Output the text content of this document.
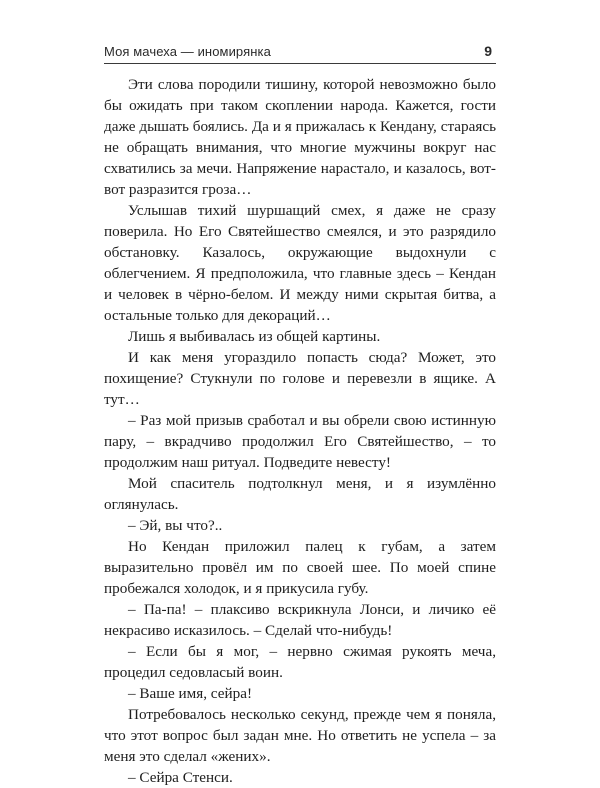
Моя мачеха — иномирянка	9

Эти слова породили тишину, которой невозможно было бы ожидать при таком скоплении народа. Кажется, гости даже дышать боялись. Да и я прижалась к Кендану, стараясь не обращать внимания, что многие мужчины вокруг нас схватились за мечи. Напряжение нарастало, и казалось, вот-вот разразится гроза…

Услышав тихий шуршащий смех, я даже не сразу поверила. Но Его Святейшество смеялся, и это разрядило обстановку. Казалось, окружающие выдохнули с облегчением. Я предположила, что главные здесь – Кендан и человек в чёрно-белом. И между ними скрытая битва, а остальные только для декораций…

Лишь я выбивалась из общей картины.

И как меня угораздило попасть сюда? Может, это похищение? Стукнули по голове и перевезли в ящике. А тут…

– Раз мой призыв сработал и вы обрели свою истинную пару, – вкрадчиво продолжил Его Святейшество, – то продолжим наш ритуал. Подведите невесту!

Мой спаситель подтолкнул меня, и я изумлённо оглянулась.

– Эй, вы что?..

Но Кендан приложил палец к губам, а затем выразительно провёл им по своей шее. По моей спине пробежался холодок, и я прикусила губу.

– Па-па! – плаксиво вскрикнула Лонси, и личико её некрасиво исказилось. – Сделай что-нибудь!

– Если бы я мог, – нервно сжимая рукоять меча, процедил седовласый воин.

– Ваше имя, сейра!

Потребовалось несколько секунд, прежде чем я поняла, что этот вопрос был задан мне. Но ответить не успела – за меня это сделал «жених».

– Сейра Стенси.
